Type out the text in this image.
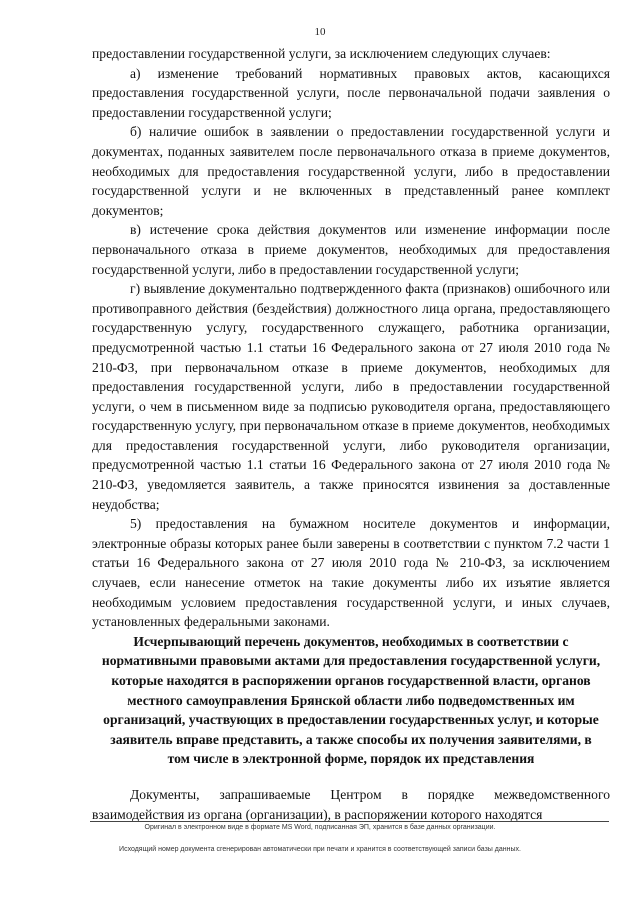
10

предоставлении государственной услуги, за исключением следующих случаев:

а) изменение требований нормативных правовых актов, касающихся предоставления государственной услуги, после первоначальной подачи заявления о предоставлении государственной услуги;

б) наличие ошибок в заявлении о предоставлении государственной услуги и документах, поданных заявителем после первоначального отказа в приеме документов, необходимых для предоставления государственной услуги, либо в предоставлении государственной услуги и не включенных в представленный ранее комплект документов;

в) истечение срока действия документов или изменение информации после первоначального отказа в приеме документов, необходимых для предоставления государственной услуги, либо в предоставлении государственной услуги;

г) выявление документально подтвержденного факта (признаков) ошибочного или противоправного действия (бездействия) должностного лица органа, предоставляющего государственную услугу, государственного служащего, работника организации, предусмотренной частью 1.1 статьи 16 Федерального закона от 27 июля 2010 года № 210-ФЗ, при первоначальном отказе в приеме документов, необходимых для предоставления государственной услуги, либо в предоставлении государственной услуги, о чем в письменном виде за подписью руководителя органа, предоставляющего государственную услугу, при первоначальном отказе в приеме документов, необходимых для предоставления государственной услуги, либо руководителя организации, предусмотренной частью 1.1 статьи 16 Федерального закона от 27 июля 2010 года № 210-ФЗ, уведомляется заявитель, а также приносятся извинения за доставленные неудобства;

5) предоставления на бумажном носителе документов и информации, электронные образы которых ранее были заверены в соответствии с пунктом 7.2 части 1 статьи 16 Федерального закона от 27 июля 2010 года № 210-ФЗ, за исключением случаев, если нанесение отметок на такие документы либо их изъятие является необходимым условием предоставления государственной услуги, и иных случаев, установленных федеральными законами.

Исчерпывающий перечень документов, необходимых в соответствии с нормативными правовыми актами для предоставления государственной услуги, которые находятся в распоряжении органов государственной власти, органов местного самоуправления Брянской области либо подведомственных им организаций, участвующих в предоставлении государственных услуг, и которые заявитель вправе представить, а также способы их получения заявителями, в том числе в электронной форме, порядок их представления

Документы, запрашиваемые Центром в порядке межведомственного взаимодействия из органа (организации), в распоряжении которого находятся

Оригинал в электронном виде в формате MS Word, подписанная ЭП, хранится в базе данных организации.
Исходящий номер документа сгенерирован автоматически при печати и хранится в соответствующей записи базы данных.
